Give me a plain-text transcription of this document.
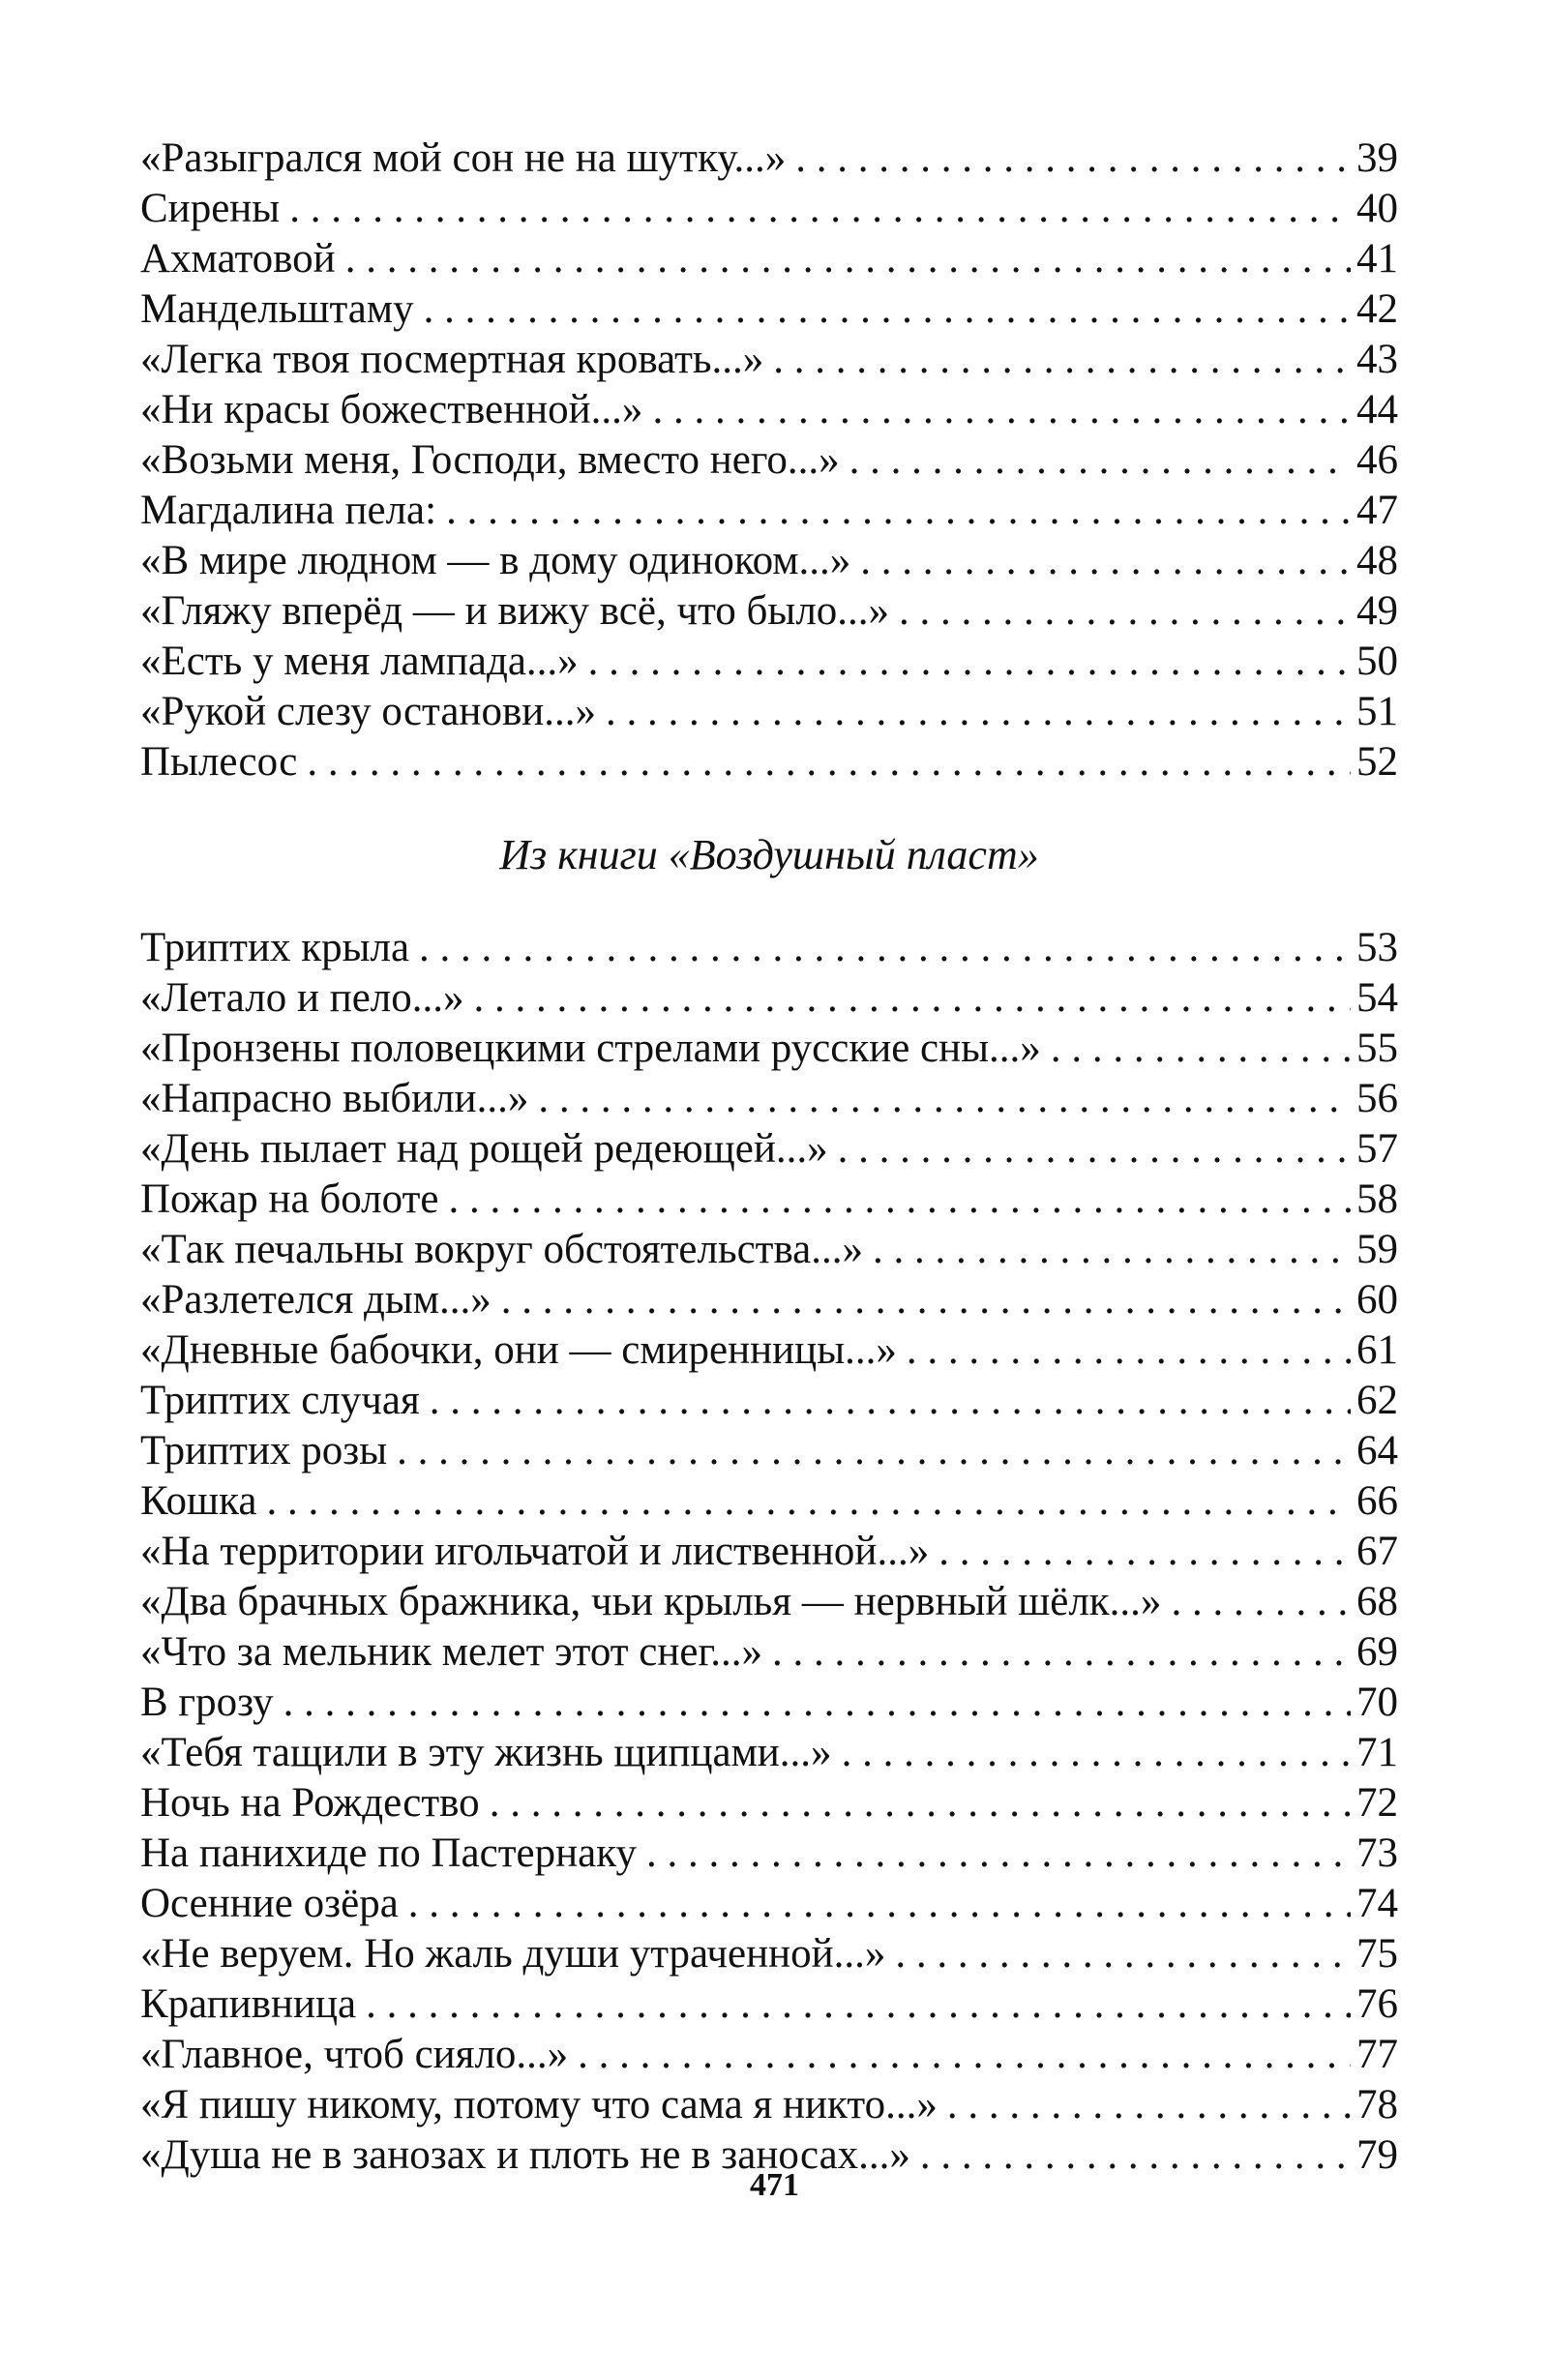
«Разыгрался мой сон не на шутку...» . . .	39
Сирены . . .	40
Ахматовой . . .	41
Мандельштаму . . .	42
«Легка твоя посмертная кровать...» . . .	43
«Ни красы божественной...» . . .	44
«Возьми меня, Господи, вместо него...» . . .	46
Магдалина пела: . . .	47
«В мире людном — в дому одиноком...» . . .	48
«Гляжу вперёд — и вижу всё, что было...» . . .	49
«Есть у меня лампада...» . . .	50
«Рукой слезу останови...» . . .	51
Пылесос . . .	52
Из книги «Воздушный пласт»
Триптих крыла . . .	53
«Летало и пело...» . . .	54
«Пронзены половецкими стрелами русские сны...» . . .	55
«Напрасно выбили...» . . .	56
«День пылает над рощей редеющей...» . . .	57
Пожар на болоте . . .	58
«Так печальны вокруг обстоятельства...» . . .	59
«Разлетелся дым...» . . .	60
«Дневные бабочки, они — смиренницы...» . . .	61
Триптих случая . . .	62
Триптих розы . . .	64
Кошка . . .	66
«На территории игольчатой и лиственной...» . . .	67
«Два брачных бражника, чьи крылья — нервный шёлк...» . . .	68
«Что за мельник мелет этот снег...» . . .	69
В грозу . . .	70
«Тебя тащили в эту жизнь щипцами...» . . .	71
Ночь на Рождество . . .	72
На панихиде по Пастернаку . . .	73
Осенние озёра . . .	74
«Не веруем. Но жаль души утраченной...» . . .	75
Крапивница . . .	76
«Главное, чтоб сияло...» . . .	77
«Я пишу никому, потому что сама я никто...» . . .	78
«Душа не в занозах и плоть не в заносах...» . . .	79
471
